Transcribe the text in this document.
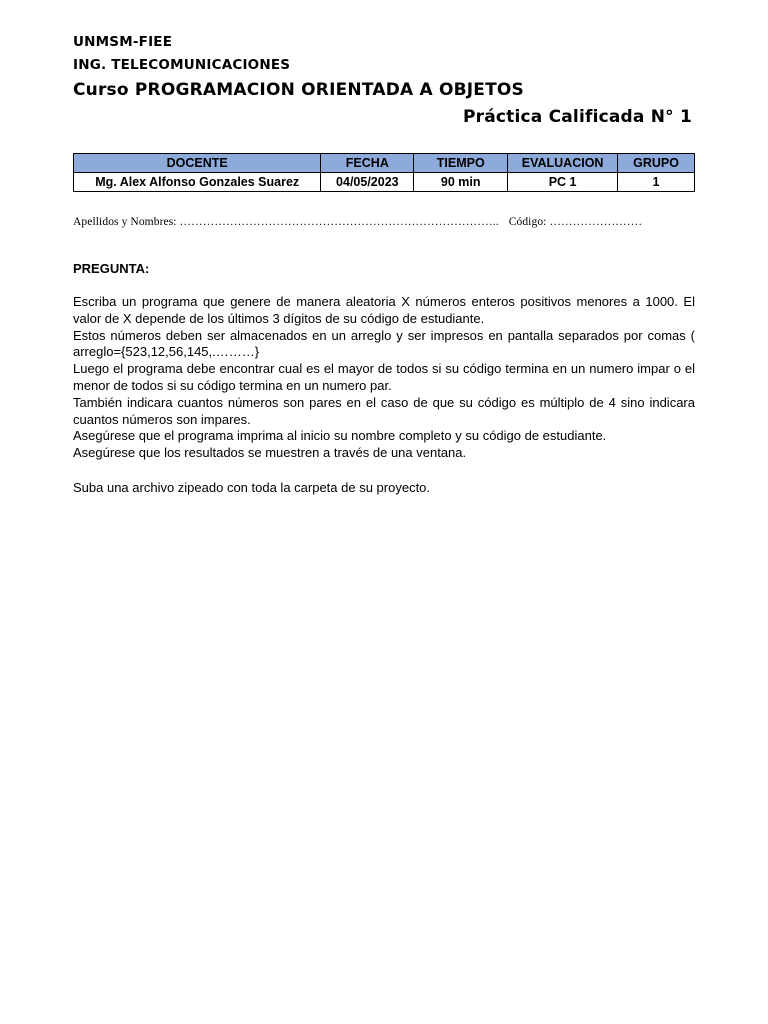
UNMSM-FIEE
ING. TELECOMUNICACIONES
Curso PROGRAMACION ORIENTADA A OBJETOS
Práctica Calificada N° 1
DOCENTE	FECHA	TIEMPO	EVALUACION	GRUPO
Mg. Alex Alfonso Gonzales Suarez	04/05/2023	90 min	PC 1	1
Apellidos y Nombres: ……………………………………………………………………….. Código: ……………………
PREGUNTA:

Escriba un programa que genere de manera aleatoria X números enteros positivos menores a 1000. El valor de X depende de los últimos 3 dígitos de su código de estudiante.

Estos números deben ser almacenados en un arreglo y ser impresos en pantalla separados por comas ( arreglo={523,12,56,145,.………}

Luego el programa debe encontrar cual es el mayor de todos si su código termina en un numero impar o el menor de todos si su código termina en un numero par.

También indicara cuantos números son pares en el caso de que su código es múltiplo de 4 sino indicara cuantos números son impares.

Asegúrese que el programa imprima al inicio su nombre completo y su código de estudiante.

Asegúrese que los resultados se muestren a través de una ventana.

Suba una archivo zipeado con toda la carpeta de su proyecto.
